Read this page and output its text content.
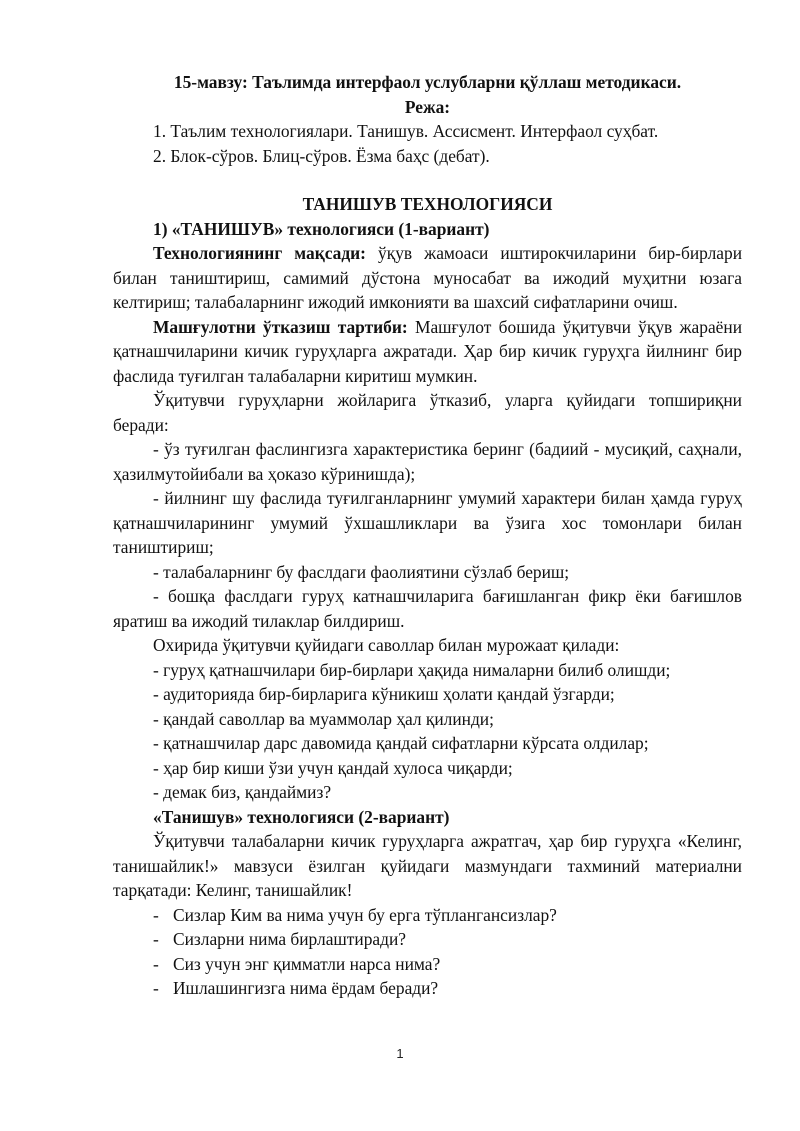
15-мавзу: Таълимда интерфаол услубларни қўллаш методикаси.

Режа:

1. Таълим технологиялари. Танишув. Ассисмент. Интерфаол суҳбат.

2. Блок-сўров. Блиц-сўров. Ёзма баҳс (дебат).

ТАНИШУВ ТЕХНОЛОГИЯСИ

1) «ТАНИШУВ» технологияси (1-вариант)

Технологиянинг мақсади: ўқув жамоаси иштирокчиларини бир-бирлари билан таништириш, самимий дўстона муносабат ва ижодий муҳитни юзага келтириш; талабаларнинг ижодий имконияти ва шахсий сифатларини очиш.

Машғулотни ўтказиш тартиби: Машғулот бошида ўқитувчи ўқув жараёни қатнашчиларини кичик гуруҳларга ажратади. Ҳар бир кичик гуруҳга йилнинг бир фаслида туғилган талабаларни киритиш мумкин.

Ўқитувчи гуруҳларни жойларига ўтказиб, уларга қуйидаги топшириқни беради:

- ўз туғилган фаслингизга характеристика беринг (бадиий - мусиқий, саҳнали, ҳазилмутойибали ва ҳоказо кўринишда);

- йилнинг шу фаслида туғилганларнинг умумий характери билан ҳамда гуруҳ қатнашчиларининг умумий ўхшашликлари ва ўзига хос томонлари билан таништириш;

- талабаларнинг бу фаслдаги фаолиятини сўзлаб бериш;

- бошқа фаслдаги гуруҳ катнашчиларига бағишланган фикр ёки бағишлов яратиш ва ижодий тилаклар билдириш.

Охирида ўқитувчи қуйидаги саволлар билан мурожаат қилади:

- гуруҳ қатнашчилари бир-бирлари ҳақида нималарни билиб олишди;

- аудиторияда бир-бирларига кўникиш ҳолати қандай ўзгарди;

- қандай саволлар ва муаммолар ҳал қилинди;

- қатнашчилар дарс давомида қандай сифатларни кўрсата олдилар;

- ҳар бир киши ўзи учун қандай хулоса чиқарди;

- демак биз, қандаймиз?

«Танишув» технологияси (2-вариант)

Ўқитувчи талабаларни кичик гуруҳларга ажратгач, ҳар бир гуруҳга «Келинг, танишайлик!» мавзуси ёзилган қуйидаги мазмундаги тахминий материални тарқатади: Келинг, танишайлик!

- Сизлар Ким ва нима учун бу ерга тўплангансизлар?

- Сизларни нима бирлаштиради?

- Сиз учун энг қимматли нарса нима?

- Ишлашингизга нима ёрдам беради?

1
